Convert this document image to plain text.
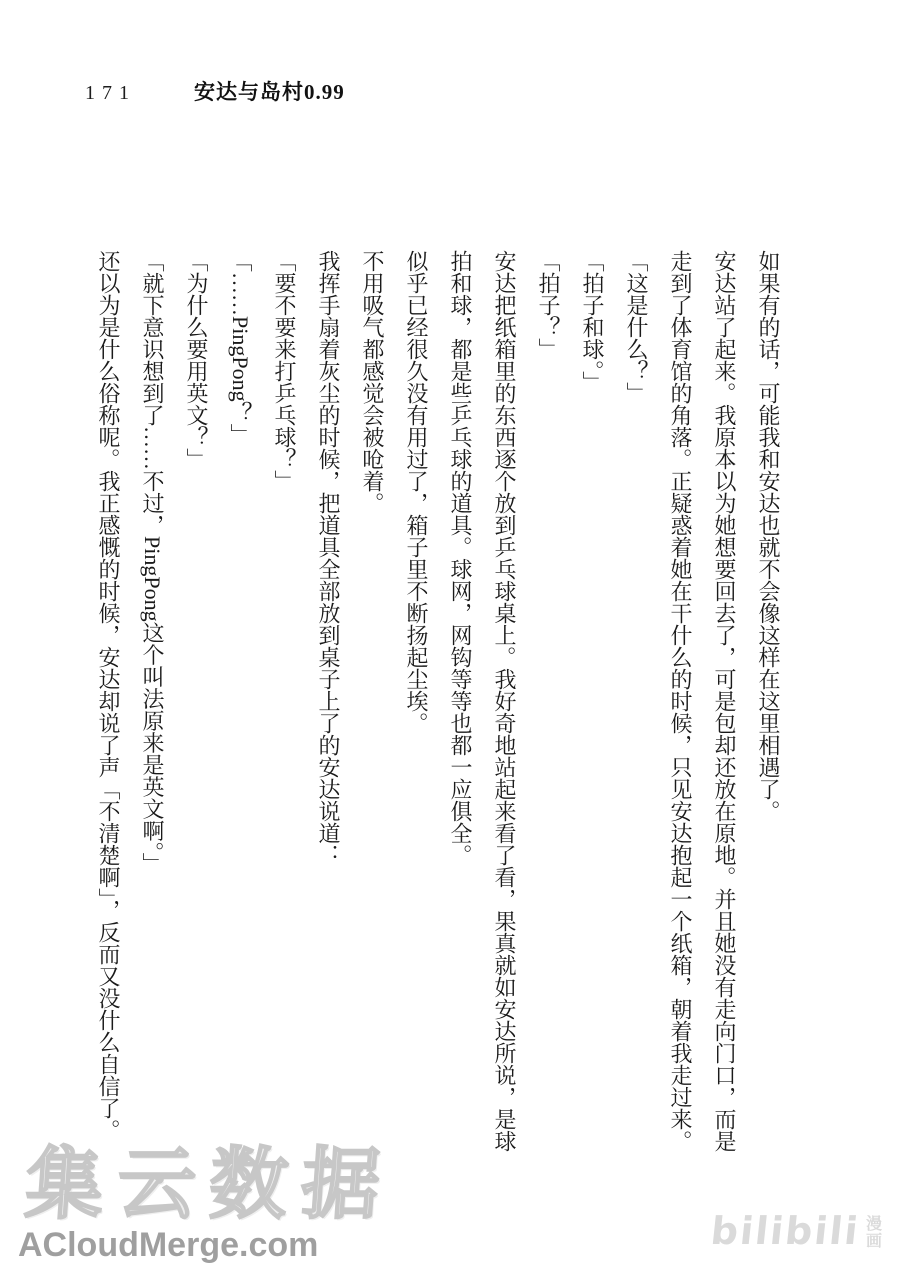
171	安达与岛村0.99

如果有的话，可能我和安达也就不会像这样在这里相遇了。

安达站了起来。我原本以为她想要回去了，可是包却还放在原地。并且她没有走向门口，而是走到了体育馆的角落。正疑惑着她在干什么的时候，只见安达抱起一个纸箱，朝着我走过来。

「这是什么？」

「拍子和球。」

「拍子？」

安达把纸箱里的东西逐个放到乒乓球桌上。我好奇地站起来看了看，果真就如安达所说，是球拍和球，都是些乒乓球的道具。球网，网钩等等也都一应俱全。

似乎已经很久没有用过了，箱子里不断扬起尘埃。

不用吸气都感觉会被呛着。

我挥手扇着灰尘的时候，把道具全部放到桌子上了的安达说道：

「要不要来打乒乓球？」

「……PingPong？」

「为什么要用英文？」

「就下意识想到了……不过，PingPong这个叫法原来是英文啊。」

还以为是什么俗称呢。我正感慨的时候，安达却说了声「不清楚啊」，反而又没什么自信了。

集云数据
ACloudMerge.com	bilibili 漫画
